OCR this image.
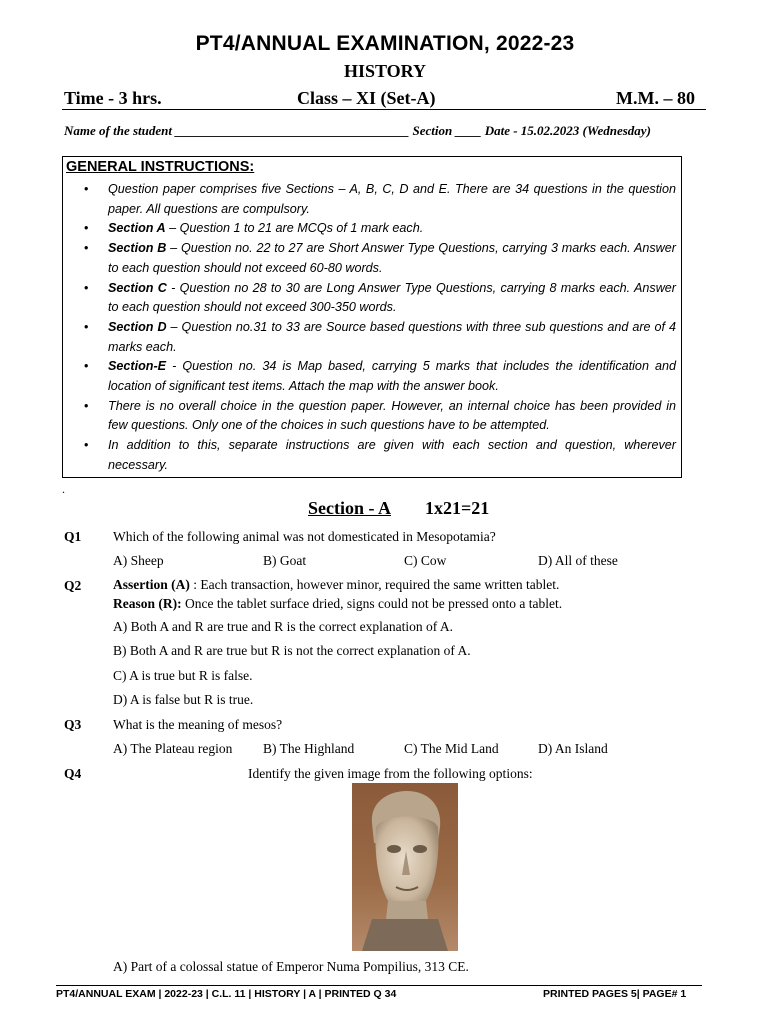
PT4/ANNUAL EXAMINATION, 2022-23
HISTORY
Time - 3 hrs.	Class – XI (Set-A)	M.M. – 80
Name of the student ____________________________________ Section ____ Date - 15.02.2023 (Wednesday)
GENERAL INSTRUCTIONS:
• Question paper comprises five Sections – A, B, C, D and E. There are 34 questions in the question paper. All questions are compulsory.
• Section A – Question 1 to 21 are MCQs of 1 mark each.
• Section B – Question no. 22 to 27 are Short Answer Type Questions, carrying 3 marks each. Answer to each question should not exceed 60-80 words.
• Section C - Question no 28 to 30 are Long Answer Type Questions, carrying 8 marks each. Answer to each question should not exceed 300-350 words.
• Section D – Question no.31 to 33 are Source based questions with three sub questions and are of 4 marks each.
• Section-E - Question no. 34 is Map based, carrying 5 marks that includes the identification and location of significant test items. Attach the map with the answer book.
• There is no overall choice in the question paper. However, an internal choice has been provided in few questions. Only one of the choices in such questions have to be attempted.
• In addition to this, separate instructions are given with each section and question, wherever necessary.
.
Section - A 1x21=21
Q1 Which of the following animal was not domesticated in Mesopotamia?
A) Sheep	B) Goat	C) Cow	D) All of these
Q2 Assertion (A) : Each transaction, however minor, required the same written tablet.
Reason (R): Once the tablet surface dried, signs could not be pressed onto a tablet.
A) Both A and R are true and R is the correct explanation of A.
B) Both A and R are true but R is not the correct explanation of A.
C) A is true but R is false.
D) A is false but R is true.
Q3 What is the meaning of mesos?
A) The Plateau region B) The Highland	C) The Mid Land	D) An Island
Q4	Identify the given image from the following options:
A) Part of a colossal statue of Emperor Numa Pompilius, 313 CE.
PT4/ANNUAL EXAM | 2022-23 | C.L. 11 | HISTORY | A | PRINTED Q 34	PRINTED PAGES 5| PAGE# 1
